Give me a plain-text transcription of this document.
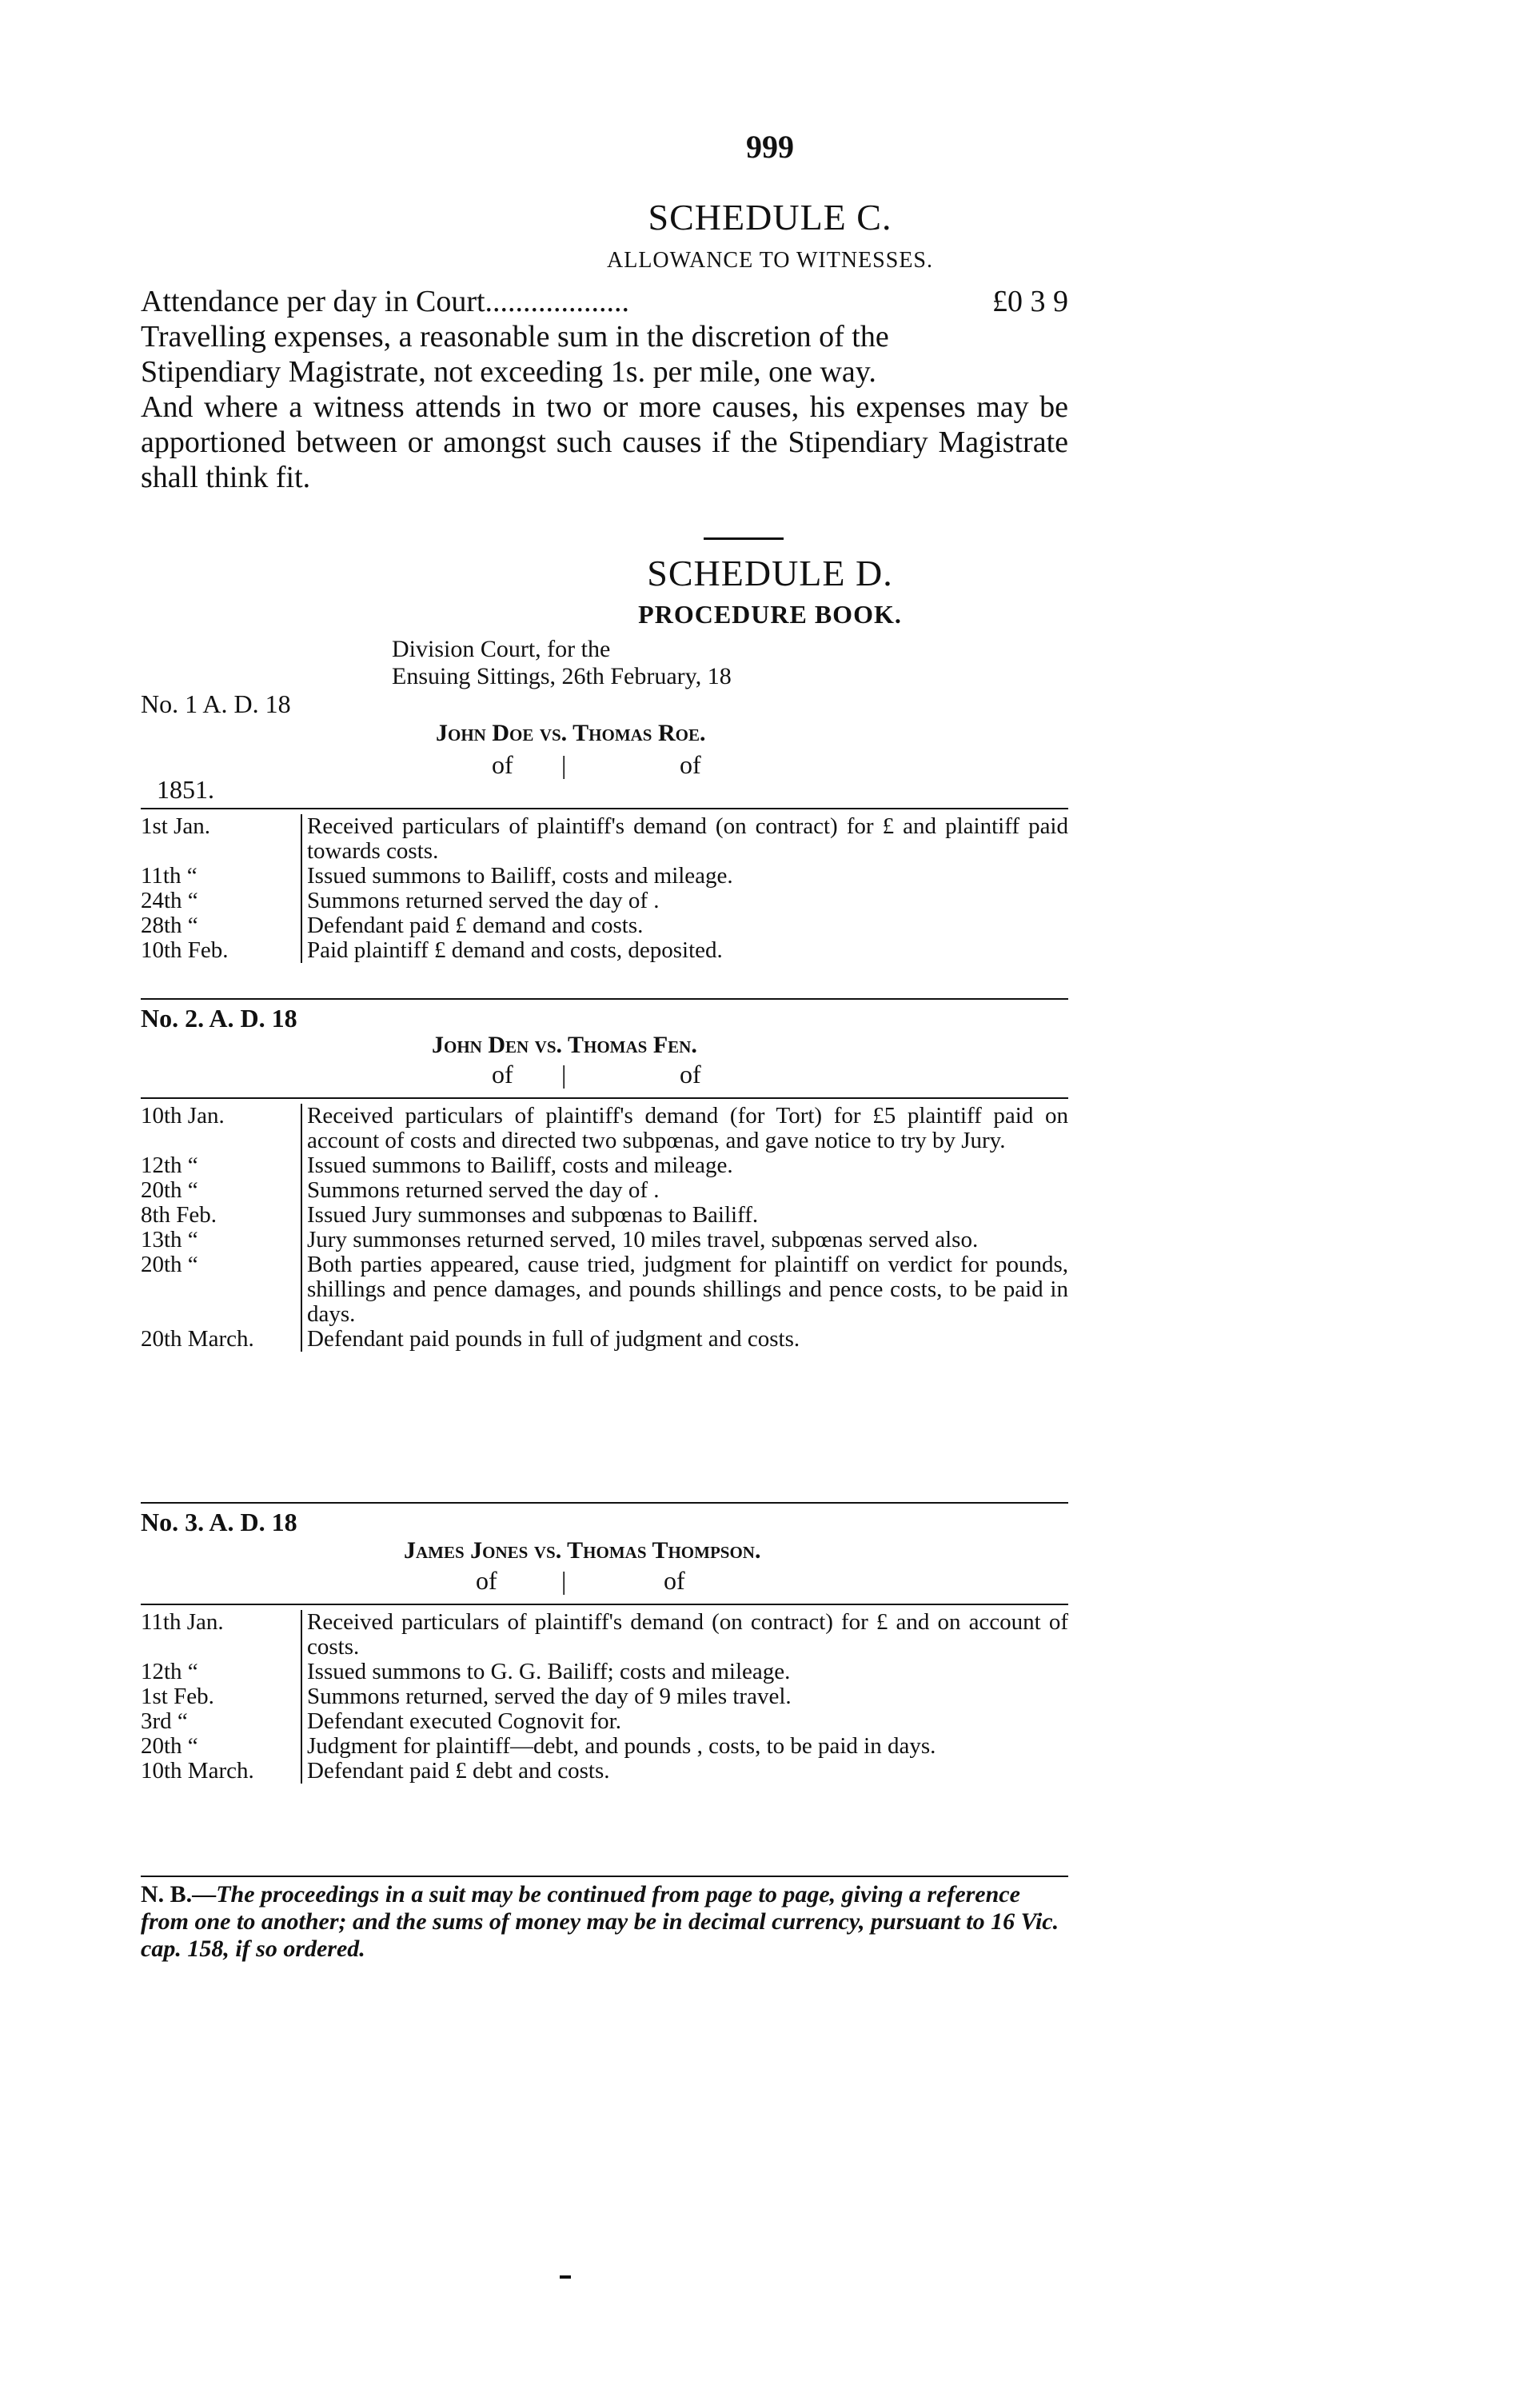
999
SCHEDULE C.
ALLOWANCE TO WITNESSES.

Attendance per day in Court...................	£0 3 9

Travelling expenses, a reasonable sum in the discretion of the Stipendiary Magistrate, not exceeding 1s. per mile, one way.

And where a witness attends in two or more causes, his expenses may be apportioned between or amongst such causes if the Stipendiary Magistrate shall think fit.

SCHEDULE D.
PROCEDURE BOOK.
Division Court, for the
Ensuing Sittings, 26th February, 18
No. 1 A. D. 18
John Doe vs. Thomas Roe.
of |	of
1851.
1st Jan.	Received particulars of plaintiff's demand (on contract) for £ and plaintiff paid towards costs.
11th “	Issued summons to Bailiff, costs and mileage.
24th “	Summons returned served the day of .
28th “	Defendant paid £ demand and costs.
10th Feb.	Paid plaintiff £ demand and costs, deposited.
No. 2. A. D. 18
John Den vs. Thomas Fen.
of |	of
10th Jan.	Received particulars of plaintiff's demand (for Tort) for £5 plaintiff paid on account of costs and directed two subpœnas, and gave notice to try by Jury.
12th “	Issued summons to Bailiff, costs and mileage.
20th “	Summons returned served the day of .
8th Feb.	Issued Jury summonses and subpœnas to Bailiff.
13th “	Jury summonses returned served, 10 miles travel, subpœnas served also.
20th “	Both parties appeared, cause tried, judgment for plaintiff on verdict for pounds, shillings and pence damages, and pounds shillings and pence costs, to be paid in days.
20th March.	Defendant paid pounds in full of judgment and costs.
No. 3. A. D. 18
James Jones vs. Thomas Thompson.
of	|	of
11th Jan.	Received particulars of plaintiff's demand (on contract) for £ and on account of costs.
12th “	Issued summons to G. G. Bailiff; costs and mileage.
1st Feb.	Summons returned, served the day of 9 miles travel.
3rd “	Defendant executed Cognovit for.
20th “	Judgment for plaintiff—debt, and pounds , costs, to be paid in days.
10th March.	Defendant paid £ debt and costs.
N. B.—The proceedings in a suit may be continued from page to page, giving a reference from one to another; and the sums of money may be in decimal currency, pursuant to 16 Vic. cap. 158, if so ordered.
